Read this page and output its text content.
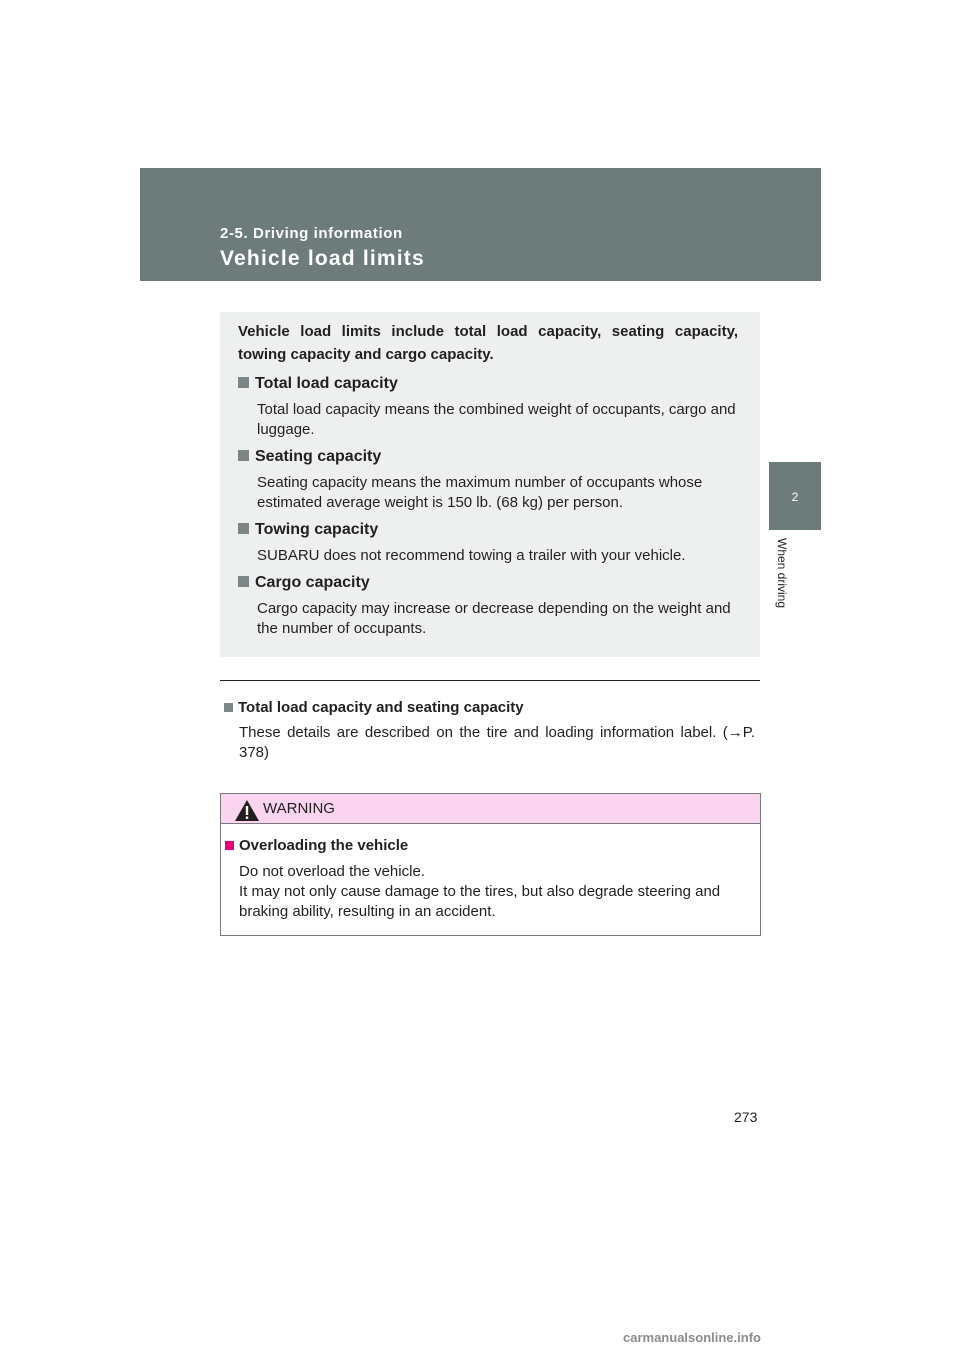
2-5. Driving information
Vehicle load limits
2
When driving
Vehicle load limits include total load capacity, seating capacity, towing capacity and cargo capacity.
Total load capacity
Total load capacity means the combined weight of occupants, cargo and luggage.
Seating capacity
Seating capacity means the maximum number of occupants whose estimated average weight is 150 lb. (68 kg) per person.
Towing capacity
SUBARU does not recommend towing a trailer with your vehicle.
Cargo capacity
Cargo capacity may increase or decrease depending on the weight and the number of occupants.
Total load capacity and seating capacity
These details are described on the tire and loading information label. (→P. 378)
WARNING
Overloading the vehicle
Do not overload the vehicle.
It may not only cause damage to the tires, but also degrade steering and braking ability, resulting in an accident.
273
carmanualsonline.info
